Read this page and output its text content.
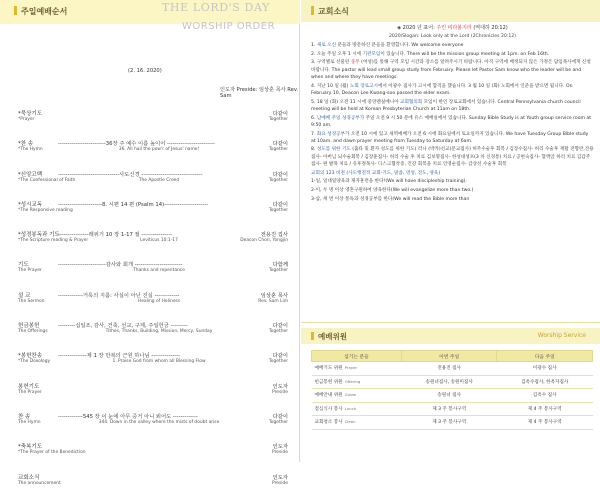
주일예배순서	THE LORD'S DAY
WORSHIP ORDER
(2. 16. 2020)
인도자 Preside: 임상훈 목사 Rev. Sam
*묵상기도	다같이
*Prayer	Together
*찬 송	-------------------------36장 주 예수 이름 높이어 -------------------------	다같이
*The Hymn	36. All hail the pow'r of Jesus' name!	Together
*신앙고백	--------------------------------사도신경 --------------------------------	다같이
*The Confessional of Faith	The Apostle Creed	Together
*성시교독	-----------------------8. 시편 14 편 (Psalm 14)-----------------------	다같이
*The Responsive reading	Together
*성경봉독과 기도
----------------레위기 10 장 1-17 절 ----------------	전용진 집사
*The Scripture reading & Prayer	Leviticus 10:1-17	Deacon Chon, Yongjin
기도	-------------------------감사와 회개 -------------------------	다함께
The Prayer	Thanks and repentance	Together
설 교	-------------거룩의 지름: 사실이 아닌 진실 -------------	임상훈 목사
The Sermon	Healing of Holiness	Rev. Sam Lim
헌금봉헌	---------십일조, 감사, 건축, 선교, 구제, 주일헌금 ---------	다같이
The Offerings	Tithes, Thanks, Building, Mission, Mercy, Sunday	Together
*봉헌찬송	---------------제 1 장 만복의 근원 하나님 ---------------	다같이
*The Doxology	1. Praise God from whom all Blessing Flow	Together
봉헌기도	인도자
The Prayer	Preside
찬 송	-------------545 장 이 눈에 아무 증거 아니 뵈어도 -------------	다같이
The Hymn	344. Down in the valley where the mists of doubt arise	Together
*축복기도	인도자
*The Prayer of the Benediction	Preside
교회소식	인도자
The announcement	Preside
교회소식
◈ 2020 년 표어: 주린 비라볼지라 (역대하 20:12)
2020/Slogan: Look only at the Lord (2Chronicles 20:12)
1. 새로 오신 분들과 방문하신 분들을 환영합니다. We welcome everyone
2. 오늘 주일 오후 1 시에 기관모임이 있습니다. There will be the mission group meeting at 1pm. on Feb 16th.
3. 구역별로 선물된 중무 (여성)를 통해 구역 모임 시간과 장소를 알려주시기 바랍니다. 아직 구역에 배정되지 않은 가정은 담임목사에게 신청바랍니다. The pastor will lead small group study from February. Please let Pastor Sam know who the leader will be and when and where they have meetings.
4. 지난 10 일 (월) 노회 장로고시에서 이광수 집사가 고시에 합격을 했습니다. 3 월 10 일 (화) 노회에서 인준을 받으면 됩니다. On February 10, Deacon Lee Kwang-soo passed the elder exam.
5. 18 일 (화) 오전 11 시에 중앙펜실베니아 교회협의회 모임이 한인 장로교회에서 있습니다. Central Pennsylvania church council meeting will be held at Korean Presbyterian Church at 11am on 18th.
6. 남예배 주일 성경공부가 주일 오전 9 시 50 분에 유스 예배실에서 있습니다. Sunday Bible Study is at Youth group service room at 9:50 am.
7. 화요 성경공부가 오전 10 시에 있고 새벽예배가 오전 6 시에 화요일에서 토요일까지 있습니다. We have Tuesday Group Bible study at 10am. and dawn prayer meeting from Tuesday to Saturday at 6am.
8. 성도를 위한 기도 (출타 및 환자 성도를 위한 기도) 러나 (박카)선교(문교집사) 허주수술후 회복 / 김장수집사- 허리 수술후 재활 전향란,진용집사- 아버님 뇌수술회복 / 김장훈집사- 허리 수술 후 치료 김보명집사- 한성대성포(3 차 신경통) 치료 / 공현숙집사- 혈액암 하리 치료 김갑주집사- 편 발목 치료 / 유후정목사- 디스크협착증, 건강 회복을 치료 인영순집사- 감상선 수술후 회복
교회의 123 비젼 (사도행전적 교회-기도, 말씀, 영성, 전도, 양육)
1-일, 일대일양육과 제자훈련을 한다!(We will have discipleship training).
2-이, 두 명 이상 영혼구원하여 양육한다(We will evangelize more than two.)
3-삼, 세 번 이상 통독과 성경공부를 한다(We will read the Bible more than
예배위원	Worship Service
섬기는 분들	이번 주일	다음 주일
예배기도 위원 Prayer	전용진 집사	이광수 집사
헌금봉헌 위원 Offering	송원녀집사, 송원미집사	김옥수집사, 한옥자집사
예배안내 위원 Guide	송원녀 집사	김옥수 집사
점심식사 봉사 Lunch	제 3 주 봉사구역	제 4 주 봉사구역
교회청소 봉사 Clean	제 3 주 봉사구역	제 4 주 봉사구역
